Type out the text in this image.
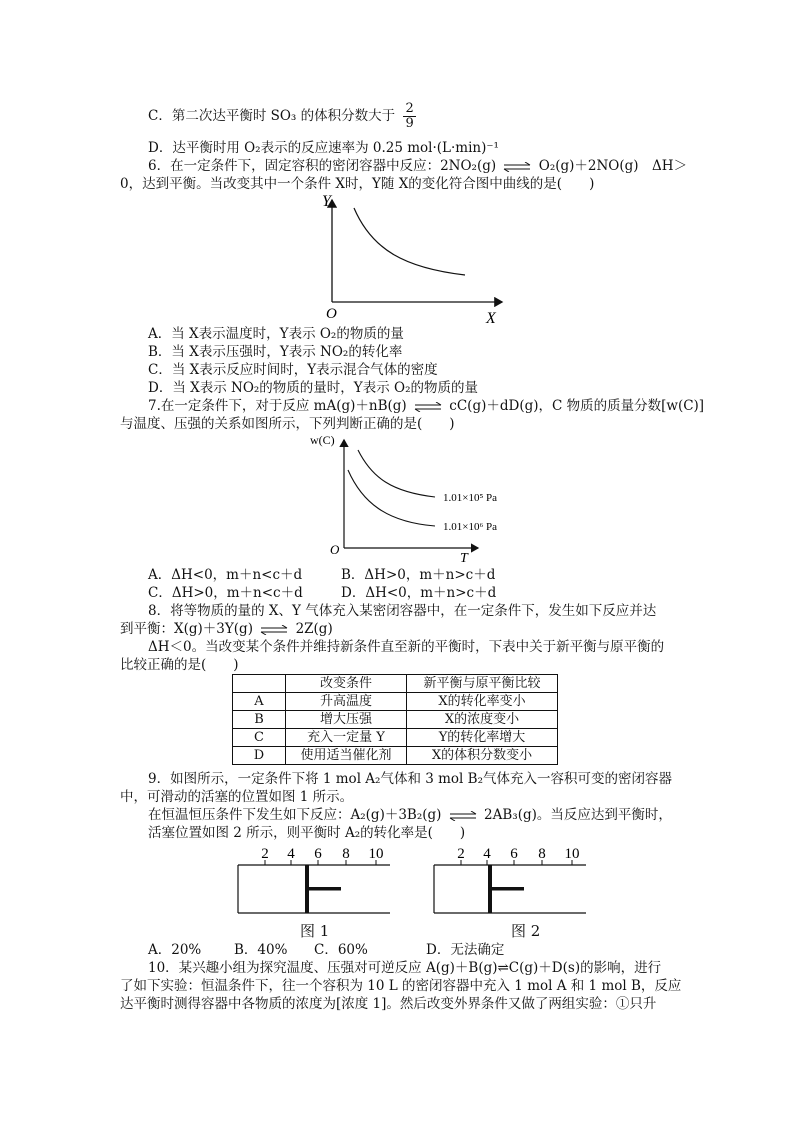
C．第二次达平衡时 SO₃ 的体积分数大于 $\frac{2}{9}$
D．达平衡时用 O₂表示的反应速率为 0.25 mol·(L·min)⁻¹
6．在一定条件下，固定容积的密闭容器中反应：2NO₂(g) ⇌ O₂(g)＋2NO(g)　ΔH＞
0，达到平衡。当改变其中一个条件 X时，Y随 X的变化符合图中曲线的是(　　)
Y
X
O
A．当 X表示温度时，Y表示 O₂的物质的量
B．当 X表示压强时，Y表示 NO₂的转化率
C．当 X表示反应时间时，Y表示混合气体的密度
D．当 X表示 NO₂的物质的量时，Y表示 O₂的物质的量
7.在一定条件下，对于反应 mA(g)＋nB(g) ⇌ cC(g)＋dD(g)，C 物质的质量分数[w(C)]
与温度、压强的关系如图所示，下列判断正确的是(　　)
w(C)
T
O
1.01×10⁵ Pa
1.01×10⁶ Pa
A．ΔH<0，m＋n<c＋d	B．ΔH>0，m＋n>c＋d
C．ΔH>0，m＋n<c＋d	D．ΔH<0，m＋n>c＋d
8．将等物质的量的 X、Y 气体充入某密闭容器中，在一定条件下，发生如下反应并达
到平衡：X(g)＋3Y(g) ⇌ 2Z(g)
ΔH＜0。当改变某个条件并维持新条件直至新的平衡时，下表中关于新平衡与原平衡的
比较正确的是(　　)
	改变条件	新平衡与原平衡比较
A	升高温度	X的转化率变小
B	增大压强	X的浓度变小
C	充入一定量 Y	Y的转化率增大
D	使用适当催化剂	X的体积分数变小
9．如图所示，一定条件下将 1 mol A₂气体和 3 mol B₂气体充入一容积可变的密闭容器
中，可滑动的活塞的位置如图 1 所示。
在恒温恒压条件下发生如下反应：A₂(g)＋3B₂(g) ⇌ 2AB₃(g)。当反应达到平衡时，
活塞位置如图 2 所示，则平衡时 A₂的转化率是(　　)
2 4 6 8 10
图 1
2 4 6 8 10
图 2
A．20% B．40% C．60%	D．无法确定
10．某兴趣小组为探究温度、压强对可逆反应 A(g)＋B(g)⇌C(g)＋D(s)的影响，进行
了如下实验：恒温条件下，往一个容积为 10 L 的密闭容器中充入 1 mol A 和 1 mol B，反应
达平衡时测得容器中各物质的浓度为[浓度 1]。然后改变外界条件又做了两组实验：①只升
